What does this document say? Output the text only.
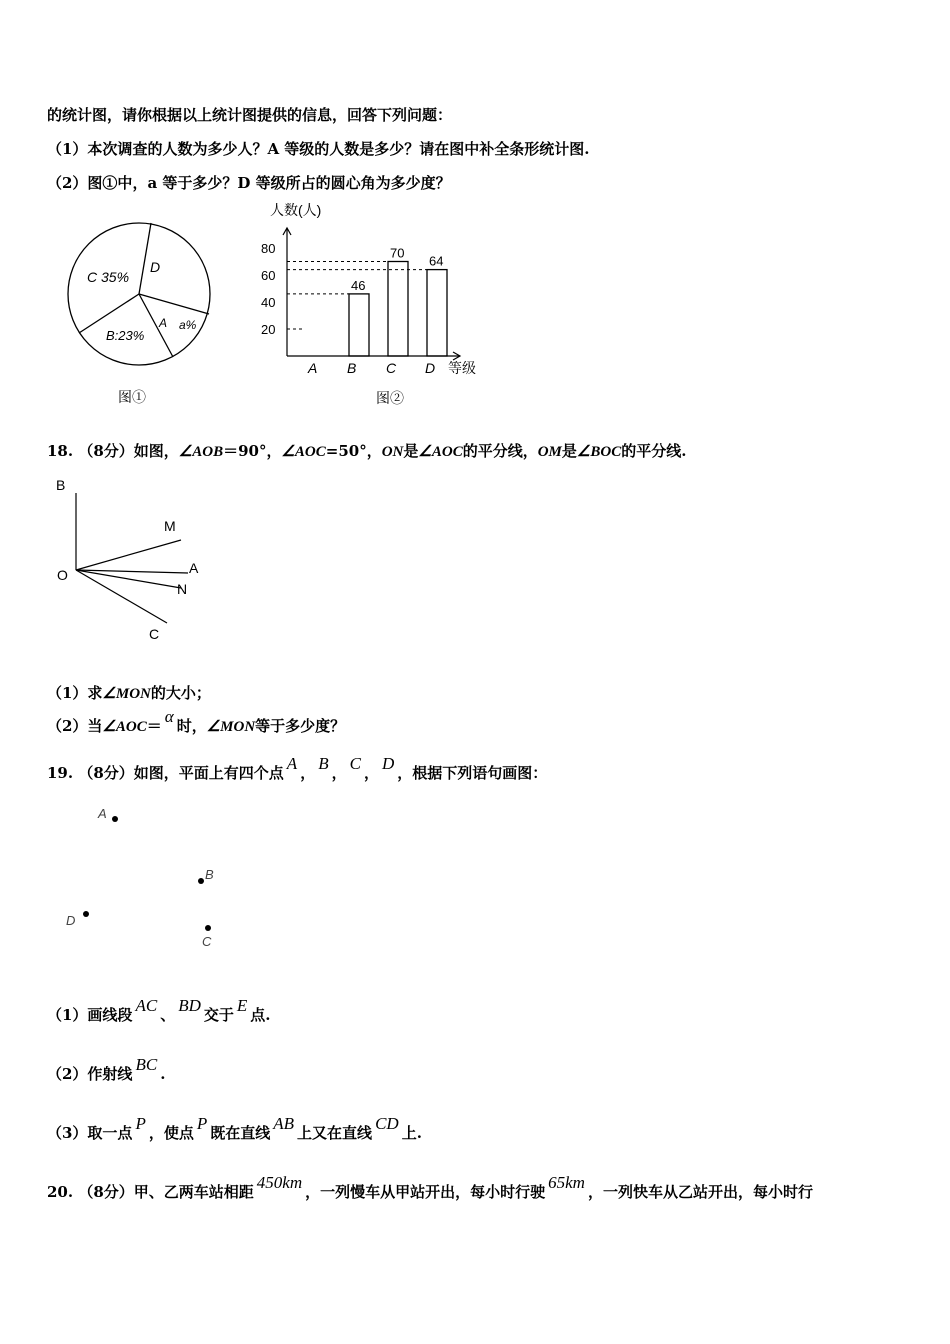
的统计图，请你根据以上统计图提供的信息，回答下列问题：
（1）本次调查的人数为多少人？A 等级的人数是多少？请在图中补全条形统计图.
（2）图①中，a 等于多少？D 等级所占的圆心角为多少度？
C 35%
D
B:23%
A a%
图①
20
40
60
80
A B
46
C
70
D
64
人数(人)
等级
图②
18. （8分）如图，∠AOB＝90°，∠AOC=50°，ON是∠AOC的平分线，OM是∠BOC的平分线.
B
M
O	A
N
C
（1）求∠MON的大小；
（2）当∠AOC＝ α 时，∠MON等于多少度？
19. （8分）如图，平面上有四个点 A ， B ， C ， D ，根据下列语句画图：
A
B
D
C
（1）画线段 AC 、 BD 交于 E 点.
（2）作射线 BC .
（3）取一点 P ，使点 P 既在直线 AB 上又在直线 CD 上.
20. （8分）甲、乙两车站相距 450km ，一列慢车从甲站开出，每小时行驶 65km ，一列快车从乙站开出，每小时行
